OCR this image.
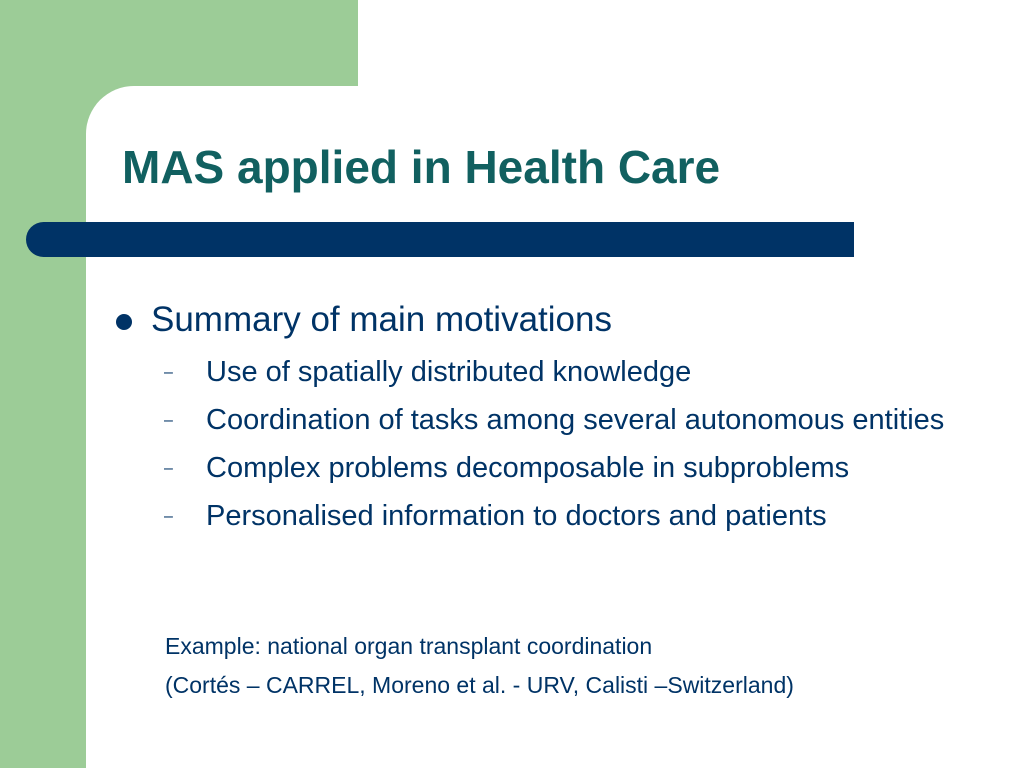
MAS applied in Health Care
Summary of main motivations
– Use of spatially distributed knowledge
–	Coordination of tasks among several autonomous entities
– Complex problems decomposable in subproblems
– Personalised information to doctors and patients

Example: national organ transplant coordination

(Cortés – CARREL, Moreno et al. - URV, Calisti –Switzerland)
